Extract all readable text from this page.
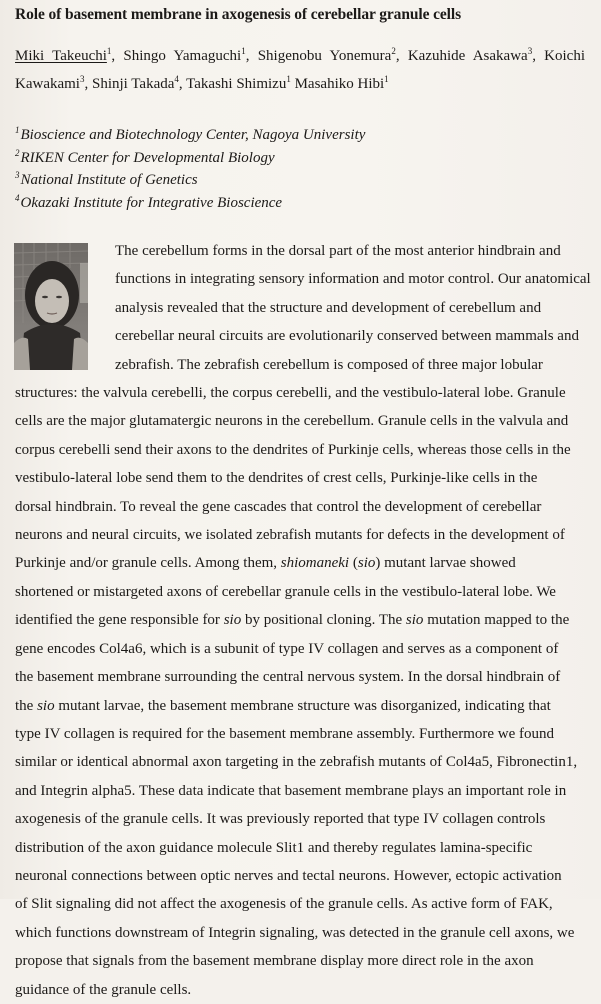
Role of basement membrane in axogenesis of cerebellar granule cells
Miki Takeuchi$^1$, Shingo Yamaguchi$^1$, Shigenobu Yonemura$^2$, Kazuhide Asakawa$^3$, Koichi
Kawakami$^3$, Shinji Takada$^4$, Takashi Shimizu$^1$ Masahiko Hibi$^1$
$^1$Bioscience and Biotechnology Center, Nagoya University
$^2$RIKEN Center for Developmental Biology
$^3$National Institute of Genetics
$^4$Okazaki Institute for Integrative Bioscience
The cerebellum forms in the dorsal part of the most anterior hindbrain and
functions in integrating sensory information and motor control. Our anatomical
analysis revealed that the structure and development of cerebellum and
cerebellar neural circuits are evolutionarily conserved between mammals and
zebrafish. The zebrafish cerebellum is composed of three major lobular
structures: the valvula cerebelli, the corpus cerebelli, and the vestibulo-lateral lobe. Granule
cells are the major glutamatergic neurons in the cerebellum. Granule cells in the valvula and
corpus cerebelli send their axons to the dendrites of Purkinje cells, whereas those cells in the
vestibulo-lateral lobe send them to the dendrites of crest cells, Purkinje-like cells in the
dorsal hindbrain. To reveal the gene cascades that control the development of cerebellar
neurons and neural circuits, we isolated zebrafish mutants for defects in the development of
Purkinje and/or granule cells. Among them, shiomaneki (sio) mutant larvae showed
shortened or mistargeted axons of cerebellar granule cells in the vestibulo-lateral lobe. We
identified the gene responsible for sio by positional cloning. The sio mutation mapped to the
gene encodes Col4a6, which is a subunit of type IV collagen and serves as a component of
the basement membrane surrounding the central nervous system. In the dorsal hindbrain of
the sio mutant larvae, the basement membrane structure was disorganized, indicating that
type IV collagen is required for the basement membrane assembly. Furthermore we found
similar or identical abnormal axon targeting in the zebrafish mutants of Col4a5, Fibronectin1,
and Integrin alpha5. These data indicate that basement membrane plays an important role in
axogenesis of the granule cells. It was previously reported that type IV collagen controls
distribution of the axon guidance molecule Slit1 and thereby regulates lamina-specific
neuronal connections between optic nerves and tectal neurons. However, ectopic activation
of Slit signaling did not affect the axogenesis of the granule cells. As active form of FAK,
which functions downstream of Integrin signaling, was detected in the granule cell axons, we
propose that signals from the basement membrane display more direct role in the axon
guidance of the granule cells.
